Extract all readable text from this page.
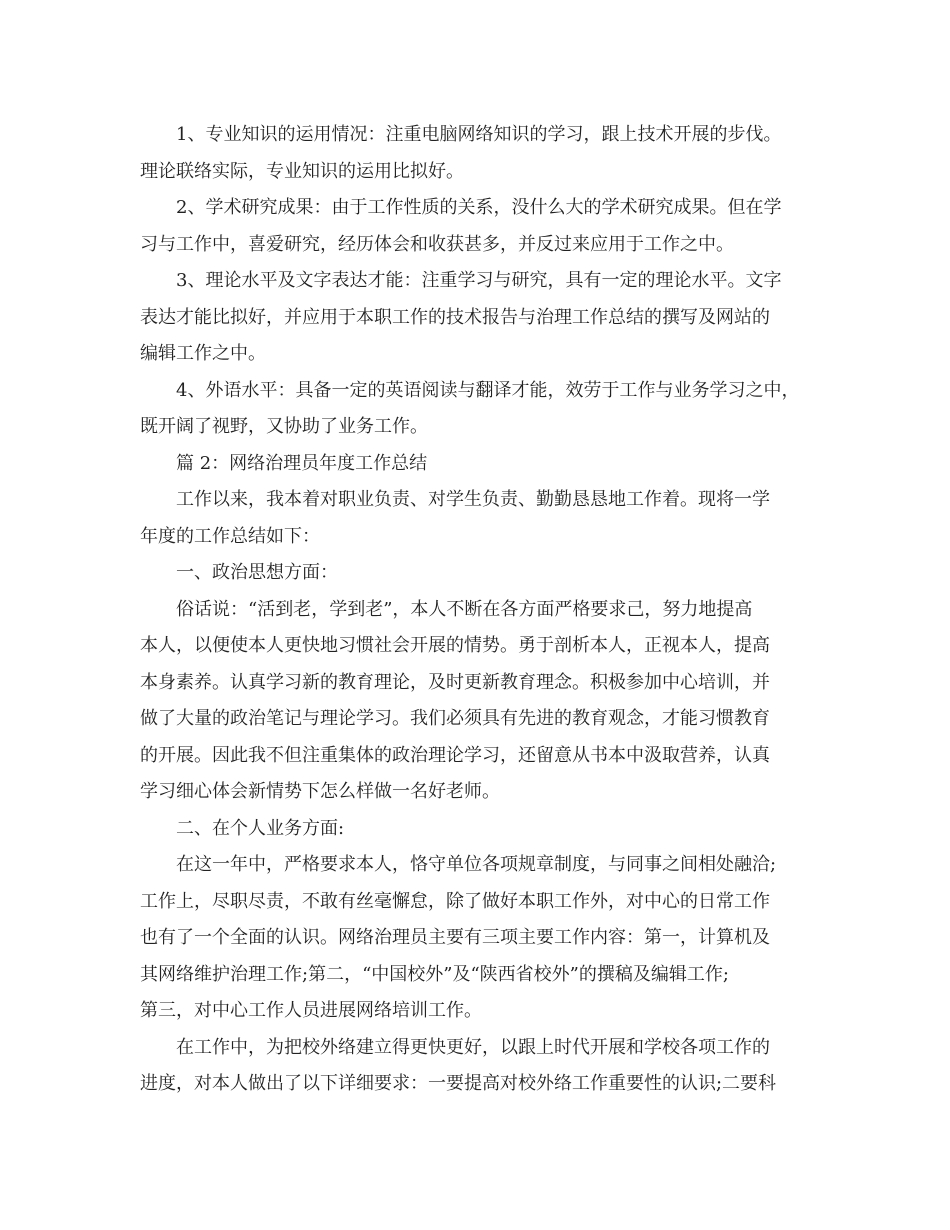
1、专业知识的运用情况：注重电脑网络知识的学习，跟上技术开展的步伐。
理论联络实际，专业知识的运用比拟好。
2、学术研究成果：由于工作性质的关系，没什么大的学术研究成果。但在学
习与工作中，喜爱研究，经历体会和收获甚多，并反过来应用于工作之中。
3、理论水平及文字表达才能：注重学习与研究，具有一定的理论水平。文字
表达才能比拟好，并应用于本职工作的技术报告与治理工作总结的撰写及网站的
编辑工作之中。
4、外语水平：具备一定的英语阅读与翻译才能，效劳于工作与业务学习之中，
既开阔了视野，又协助了业务工作。
篇 2：网络治理员年度工作总结
工作以来，我本着对职业负责、对学生负责、勤勤恳恳地工作着。现将一学
年度的工作总结如下：
一、政治思想方面：
俗话说：“活到老，学到老”，本人不断在各方面严格要求己，努力地提高
本人，以便使本人更快地习惯社会开展的情势。勇于剖析本人，正视本人，提高
本身素养。认真学习新的教育理论，及时更新教育理念。积极参加中心培训，并
做了大量的政治笔记与理论学习。我们必须具有先进的教育观念，才能习惯教育
的开展。因此我不但注重集体的政治理论学习，还留意从书本中汲取营养，认真
学习细心体会新情势下怎么样做一名好老师。
二、在个人业务方面:
在这一年中，严格要求本人，恪守单位各项规章制度，与同事之间相处融洽;
工作上，尽职尽责，不敢有丝毫懈怠，除了做好本职工作外，对中心的日常工作
也有了一个全面的认识。网络治理员主要有三项主要工作内容：第一，计算机及
其网络维护治理工作;第二，“中国校外”及“陕西省校外”的撰稿及编辑工作;
第三，对中心工作人员进展网络培训工作。
在工作中，为把校外络建立得更快更好，以跟上时代开展和学校各项工作的
进度，对本人做出了以下详细要求：一要提高对校外络工作重要性的认识;二要科
